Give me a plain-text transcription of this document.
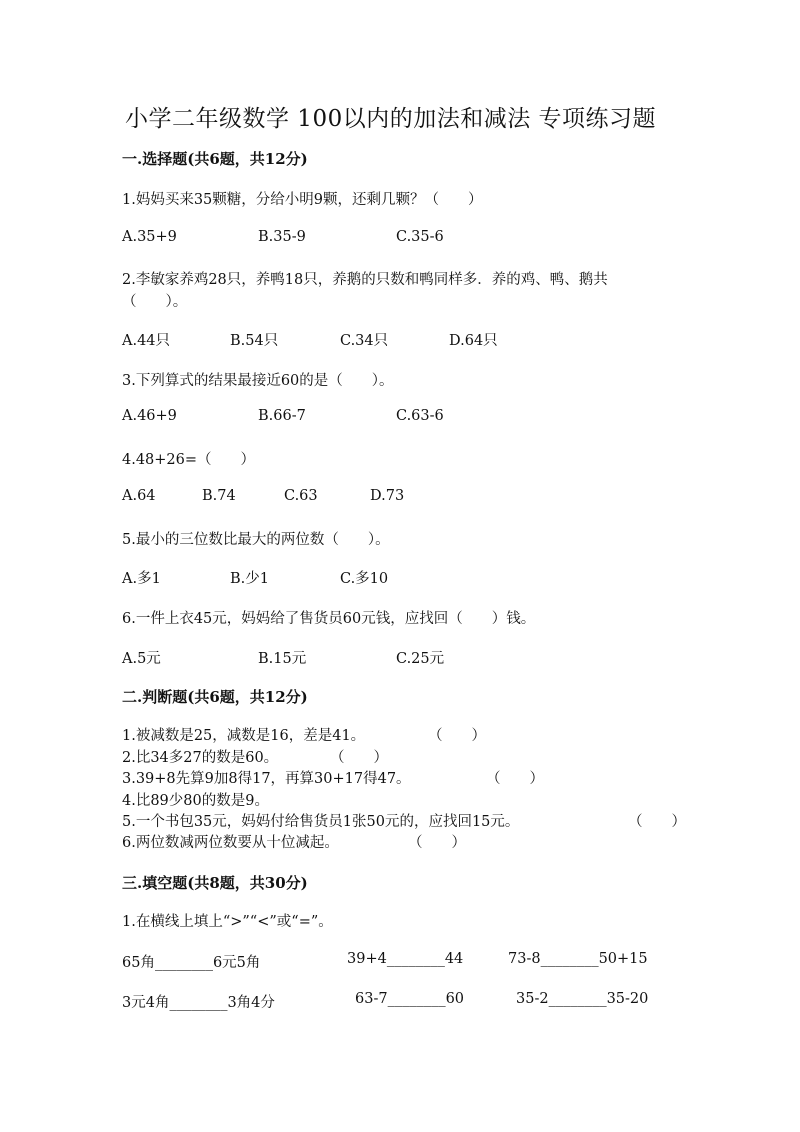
小学二年级数学 100以内的加法和减法 专项练习题
一.选择题(共6题，共12分)
1.妈妈买来35颗糖，分给小明9颗，还剩几颗？（　　）
A.35+9	B.35-9	C.35-6
2.李敏家养鸡28只，养鸭18只，养鹅的只数和鸭同样多．养的鸡、鸭、鹅共
（　　）。
A.44只	B.54只	C.34只	D.64只
3.下列算式的结果最接近60的是（　　）。
A.46+9	B.66-7	C.63-6
4.48+26=（　　）
A.64	B.74	C.63	D.73
5.最小的三位数比最大的两位数（　　）。
A.多1	B.少1	C.多10
6.一件上衣45元，妈妈给了售货员60元钱，应找回（　　）钱。
A.5元	B.15元	C.25元
二.判断题(共6题，共12分)
1.被减数是25，减数是16，差是41。	（　　）
2.比34多27的数是60。	（　　）
3.39+8先算9加8得17，再算30+17得47。	（　　）
4.比89少80的数是9。
5.一个书包35元，妈妈付给售货员1张50元的，应找回15元。	（　　）
6.两位数减两位数要从十位减起。	（　　）
三.填空题(共8题，共30分)
1.在横线上填上“>”“<”或“=”。
65角________6元5角	39+4________44	73-8________50+15
3元4角________3角4分	63-7________60	35-2________35-20
